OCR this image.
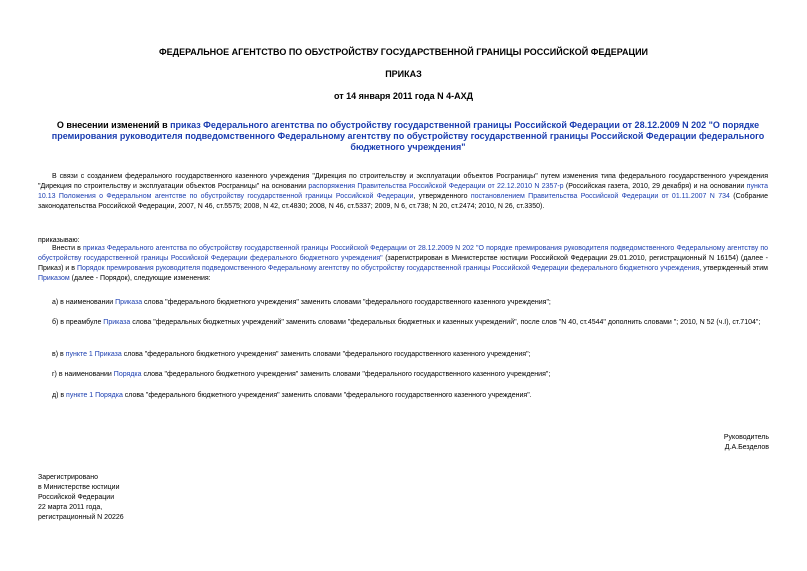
ФЕДЕРАЛЬНОЕ АГЕНТСТВО ПО ОБУСТРОЙСТВУ ГОСУДАРСТВЕННОЙ ГРАНИЦЫ РОССИЙСКОЙ ФЕДЕРАЦИИ
ПРИКАЗ
от 14 января 2011 года N 4-АХД
О внесении изменений в приказ Федерального агентства по обустройству государственной границы Российской Федерации от 28.12.2009 N 202 "О порядке премирования руководителя подведомственного Федеральному агентству по обустройству государственной границы Российской Федерации федерального бюджетного учреждения"
В связи с созданием федерального государственного казенного учреждения "Дирекция по строительству и эксплуатации объектов Росграницы" путем изменения типа федерального государственного учреждения "Дирекция по строительству и эксплуатации объектов Росграницы" на основании распоряжения Правительства Российской Федерации от 22.12.2010 N 2357-р (Российская газета, 2010, 29 декабря) и на основании пункта 10.13 Положения о Федеральном агентстве по обустройству государственной границы Российской Федерации, утвержденного постановлением Правительства Российской Федерации от 01.11.2007 N 734 (Собрание законодательства Российской Федерации, 2007, N 46, ст.5575; 2008, N 42, ст.4830; 2008, N 46, ст.5337; 2009, N 6, ст.738; N 20, ст.2474; 2010, N 26, ст.3350).
приказываю:
Внести в приказ Федерального агентства по обустройству государственной границы Российской Федерации от 28.12.2009 N 202 "О порядке премирования руководителя подведомственного Федеральному агентству по обустройству государственной границы Российской Федерации федерального бюджетного учреждения" (зарегистрирован в Министерстве юстиции Российской Федерации 29.01.2010, регистрационный N 16154) (далее - Приказ) и в Порядок премирования руководителя подведомственного Федеральному агентству по обустройству государственной границы Российской Федерации федерального бюджетного учреждения, утвержденный этим Приказом (далее - Порядок), следующие изменения:
а) в наименовании Приказа слова "федерального бюджетного учреждения" заменить словами "федерального государственного казенного учреждения";
б) в преамбуле Приказа слова "федеральных бюджетных учреждений" заменить словами "федеральных бюджетных и казенных учреждений", после слов "N 40, ст.4544" дополнить словами "; 2010, N 52 (ч.I), ст.7104";
в) в пункте 1 Приказа слова "федерального бюджетного учреждения" заменить словами "федерального государственного казенного учреждения";
г) в наименовании Порядка слова "федерального бюджетного учреждения" заменить словами "федерального государственного казенного учреждения";
д) в пункте 1 Порядка слова "федерального бюджетного учреждения" заменить словами "федерального государственного казенного учреждения".
Руководитель
Д.А.Безделов
Зарегистрировано
в Министерстве юстиции
Российской Федерации
22 марта 2011 года,
регистрационный N 20226
